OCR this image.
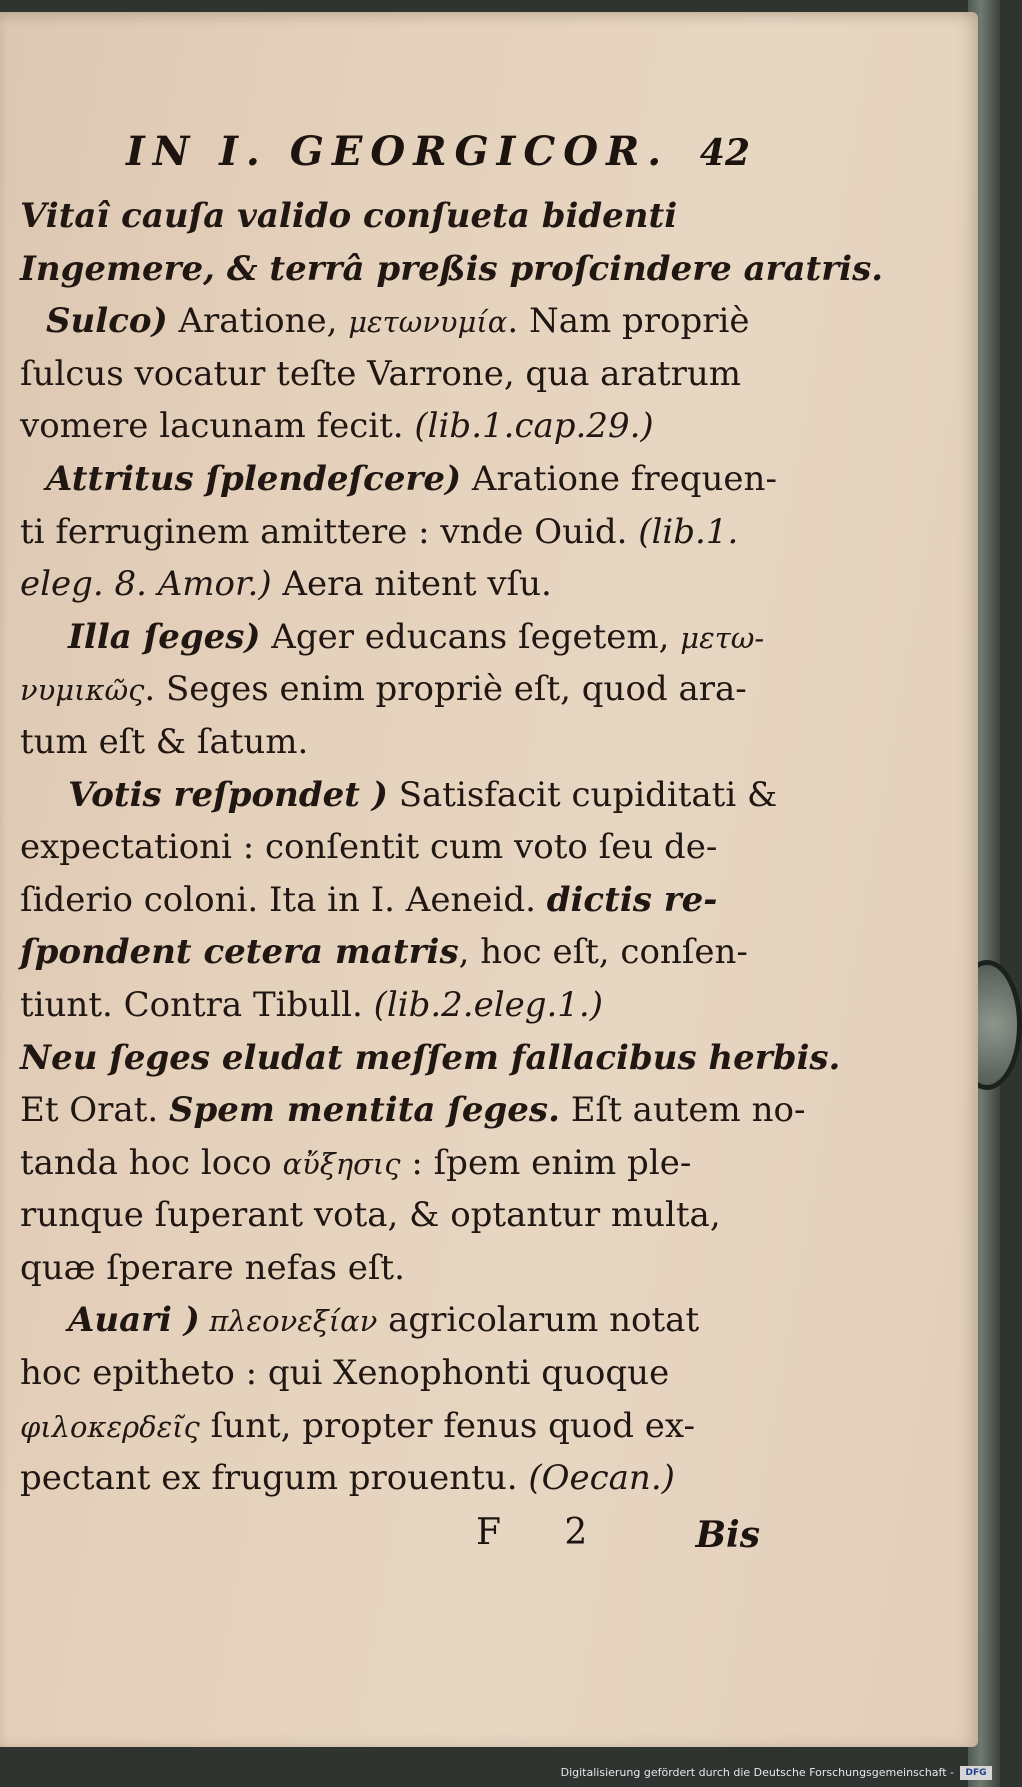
IN I. GEORGICOR. 42
Vitaî cauſa valido conſueta bidenti
Ingemere, & terrâ preßis proſcindere aratris.
Sulco) Aratione, μετωνυμία. Nam propriè
ſulcus vocatur teſte Varrone, qua aratrum
vomere lacunam fecit. (lib.1.cap.29.)
Attritus ſplendeſcere) Aratione frequen-
ti ferruginem amittere : vnde Ouid. (lib.1.
eleg. 8. Amor.) Aera nitent vſu.
Illa ſeges) Ager educans ſegetem, μετω-
νυμικῶς. Seges enim propriè eſt, quod ara-
tum eſt & ſatum.
Votis reſpondet ) Satisfacit cupiditati &
expectationi : conſentit cum voto ſeu de-
ſiderio coloni. Ita in I. Aeneid. dictis re-
ſpondent cetera matris, hoc eſt, conſen-
tiunt. Contra Tibull. (lib.2.eleg.1.)
Neu ſeges eludat meſſem fallacibus herbis.
Et Orat. Spem mentita ſeges. Eſt autem no-
tanda hoc loco αὔξησις : ſpem enim ple-
runque ſuperant vota, & optantur multa,
quæ ſperare nefas eſt.
Auari ) πλεονεξίαν agricolarum notat
hoc epitheto : qui Xenophonti quoque
φιλοκερδεῖς ſunt, propter fenus quod ex-
pectant ex frugum prouentu. (Oecan.)
F 2 Bis
Digitalisierung gefördert durch die Deutsche Forschungsgemeinschaft -	DFG
